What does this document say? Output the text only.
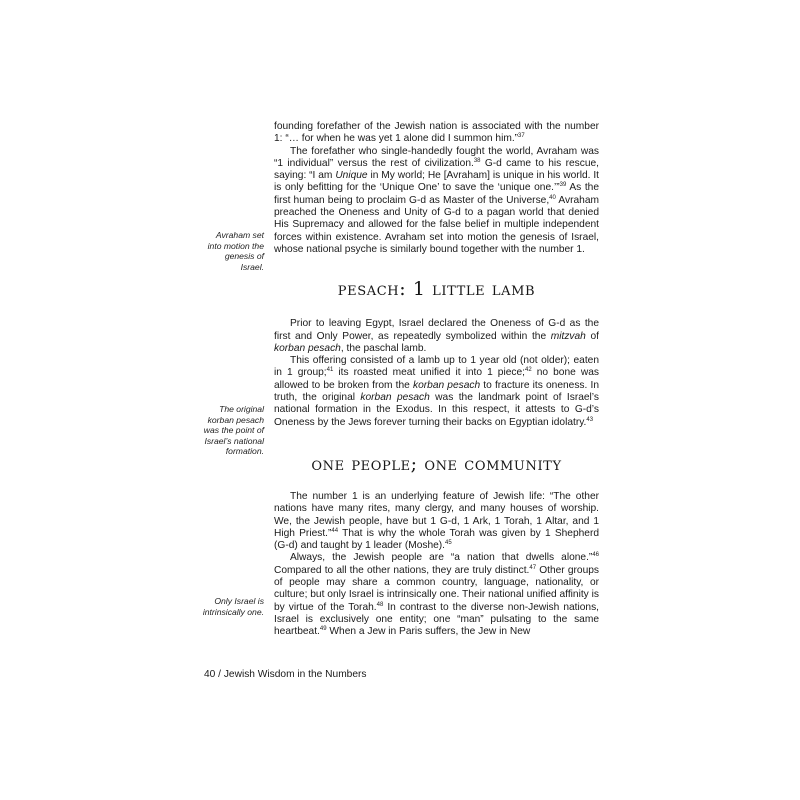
Avraham set into motion the genesis of Israel.
The original korban pesach was the point of Israel’s national formation.
Only Israel is intrinsically one.

founding forefather of the Jewish nation is associated with the number 1: “… for when he was yet 1 alone did I summon him.”$^{37}$

The forefather who single-handedly fought the world, Avraham was “1 individual” versus the rest of civilization.$^{38}$ G-d came to his rescue, saying: “I am Unique in My world; He [Avraham] is unique in his world. It is only befitting for the ‘Unique One’ to save the ‘unique one.’”$^{39}$ As the first human being to proclaim G-d as Master of the Universe,$^{40}$ Avraham preached the Oneness and Unity of G-d to a pagan world that denied His Supremacy and allowed for the false belief in multiple independent forces within existence. Avraham set into motion the genesis of Israel, whose national psyche is similarly bound together with the number 1.

pesach: 1 little lamb

Prior to leaving Egypt, Israel declared the Oneness of G-d as the first and Only Power, as repeatedly symbolized within the mitzvah of korban pesach, the paschal lamb.

This offering consisted of a lamb up to 1 year old (not older); eaten in 1 group;$^{41}$ its roasted meat unified it into 1 piece;$^{42}$ no bone was allowed to be broken from the korban pesach to fracture its oneness. In truth, the original korban pesach was the landmark point of Israel’s national formation in the Exodus. In this respect, it attests to G-d’s Oneness by the Jews forever turning their backs on Egyptian idolatry.$^{43}$

one people; one community

The number 1 is an underlying feature of Jewish life: “The other nations have many rites, many clergy, and many houses of worship. We, the Jewish people, have but 1 G-d, 1 Ark, 1 Torah, 1 Altar, and 1 High Priest.”$^{44}$ That is why the whole Torah was given by 1 Shepherd (G-d) and taught by 1 leader (Moshe).$^{45}$

Always, the Jewish people are “a nation that dwells alone.”$^{46}$ Compared to all the other nations, they are truly distinct.$^{47}$ Other groups of people may share a common country, language, nationality, or culture; but only Israel is intrinsically one. Their national unified affinity is by virtue of the Torah.$^{48}$ In contrast to the diverse non-Jewish nations, Israel is exclusively one entity; one “man” pulsating to the same heartbeat.$^{49}$ When a Jew in Paris suffers, the Jew in New

40 / Jewish Wisdom in the Numbers
